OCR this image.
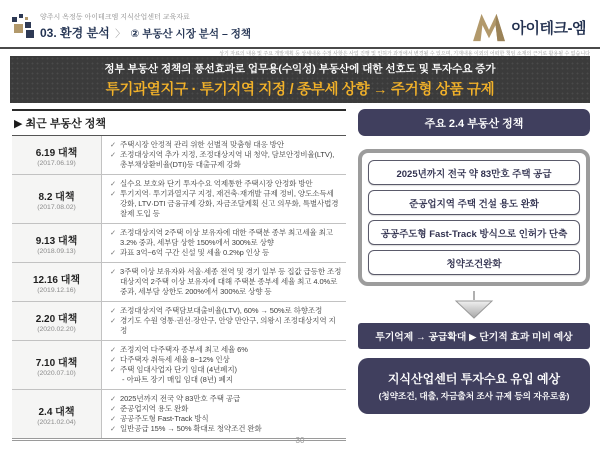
양주시 옥정동 아이테크엠 지식산업센터 교육자료
03. 환경 분석 〉 ② 부동산 시장 분석 – 정책	아이테크-엠
상기 자료의 내용 및 주요 개발계획 등 상세내용 수정 사항은 사업 진행 및 인허가 과정에서 변경될 수 있으며, 기재내용 이외의 어떠한 책임 소재의 근거로 활용될 수 없습니다
정부 부동산 정책의 풍선효과로 업무용(수익성) 부동산에 대한 선호도 및 투자수요 증가
투기과열지구 · 투기지역 지정 / 종부세 상향 → 주거형 상품 규제
▶ 최근 부동산 정책
6.19 대책
(2017.06.19)
✓ 주택시장 안정적 관리 위한 선별적 맞춤형 대응 방안
✓ 조정대상지역 추가 지정, 조정대상지역 내 청약, 담보안정비율(LTV), 총부채상환비율(DTI)등 대출규제 강화
8.2 대책
(2017.08.02)
✓ 실수요 보호와 단기 투자수요 억제통한 주택시장 안정화 방안
✓ 투기지역· 투기과열지구 지정, 재건축·재개발 규제 정비, 양도소득세 강화, LTV·DTI 금융규제 강화, 자금조달계획 신고 의무화, 특별사법경찰제 도입 등
9.13 대책
(2018.09.13)
✓ 조정대상지역 2주택 이상 보유자에 대한 주택분 종부 최고세율 최고 3.2% 중과, 세부담 상한 150%에서 300%로 상향
✓ 과표 3억~6억 구간 신설 및 세율 0.2%p 인상 등
12.16 대책
(2019.12.16)
✓ 3주택 이상 보유자와 서울·세종 전역 및 경기 일부 등 집값 급등한 조정대상지역 2주택 이상 보유자에 대해 주택분 종부세 세율 최고 4.0%로 중과, 세부담 상한도 200%에서 300%로 상향 등
2.20 대책
(2020.02.20)
✓ 조정대상지역 주택담보대출비율(LTV), 60% → 50%로 하향조정
✓ 경기도 수원 영통·권선·장안구, 안양 만안구, 의왕시 조정대상지역 지정
7.10 대책
(2020.07.10)
✓ 조정지역 다주택자 종부세 최고 세율 6%
✓ 다주택자 취득세 세율 8~12% 인상
✓ 주택 임대사업자 단기 임대 (4년폐지)
- 아파트 장기 매입 임대 (8년) 폐지
2.4 대책
(2021.02.04)
✓ 2025년까지 전국 약 83만호 주택 공급
✓ 준공업지역 용도 완화
✓ 공공주도형 Fast-Track 방식
✓ 일반공급 15% → 50% 확대로 청약조건 완화
주요 2.4 부동산 정책
2025년까지 전국 약 83만호 주택 공급
준공업지역 주택 건설 용도 완화
공공주도형 Fast-Track 방식으로 인허가 단축
청약조건완화
투기억제 → 공급확대 ▶ 단기적 효과 미비 예상
지식산업센터 투자수요 유입 예상
(청약조건, 대출, 자금출처 조사 규제 등의 자유로움)
30
